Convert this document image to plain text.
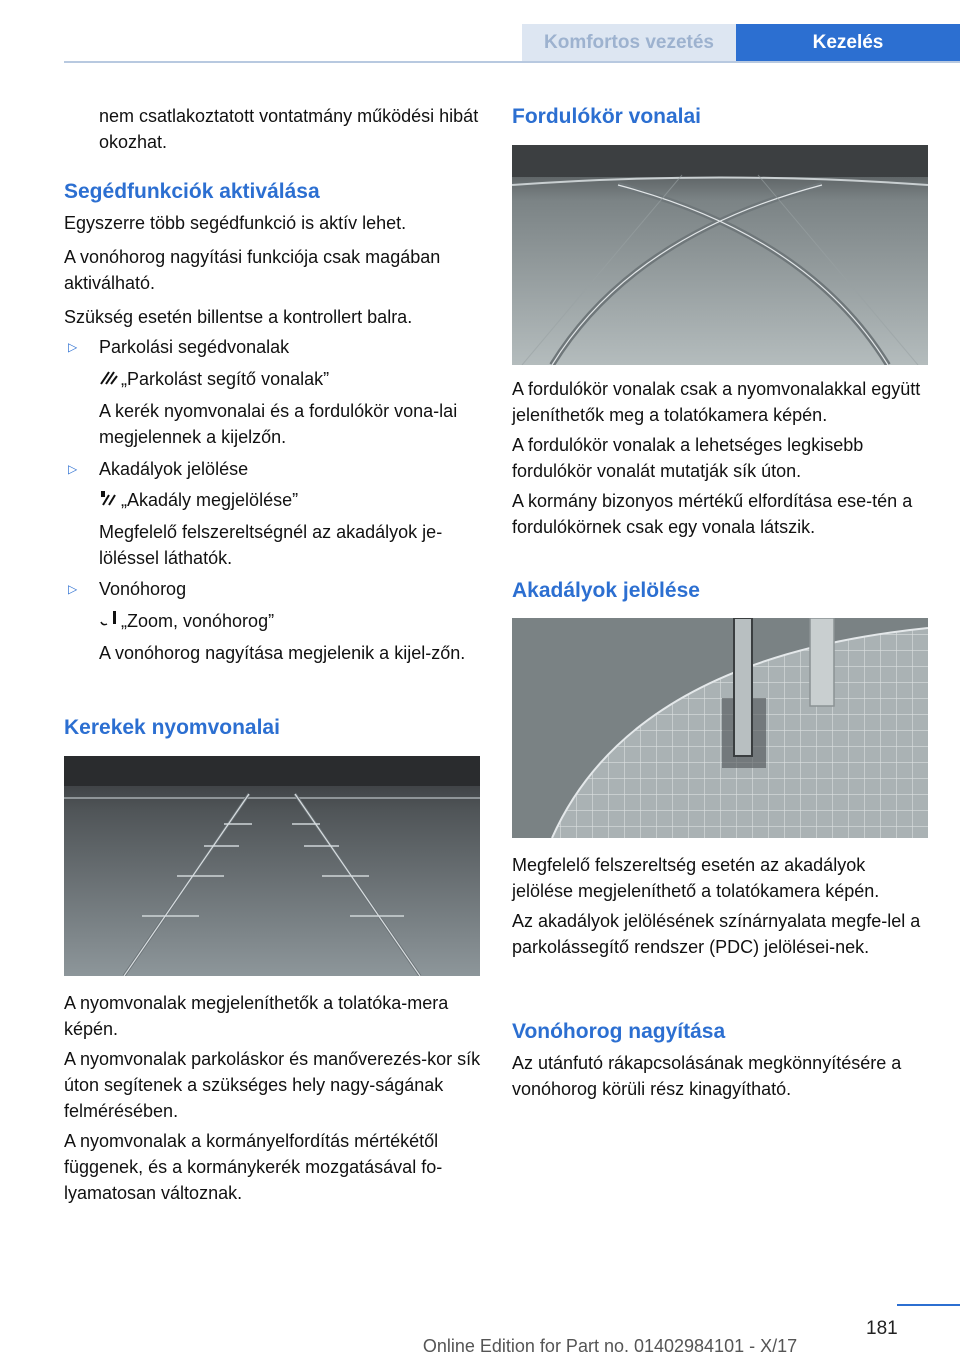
Komfortos vezetés	Kezelés

nem csatlakoztatott vontatmány működési hibát okozhat.

Segédfunkciók aktiválása

Egyszerre több segédfunkció is aktív lehet.

A vonóhorog nagyítási funkciója csak magában aktiválható.

Szükség esetén billentse a kontrollert balra.

▷ Parkolási segédvonalak

„Parkolást segítő vonalak”

A kerék nyomvonalai és a fordulókör vona-lai megjelennek a kijelzőn.

▷ Akadályok jelölése

„Akadály megjelölése”

Megfelelő felszereltségnél az akadályok je-löléssel láthatók.

▷ Vonóhorog

„Zoom, vonóhorog”

A vonóhorog nagyítása megjelenik a kijel-zőn.

Kerekek nyomvonalai

A nyomvonalak megjeleníthetők a tolatóka-mera képén.

A nyomvonalak parkoláskor és manőverezés-kor sík úton segítenek a szükséges hely nagy-ságának felmérésében.

A nyomvonalak a kormányelfordítás mértékétől függenek, és a kormánykerék mozgatásával fo-lyamatosan változnak.

Fordulókör vonalai

A fordulókör vonalak csak a nyomvonalakkal együtt jeleníthetők meg a tolatókamera képén.

A fordulókör vonalak a lehetséges legkisebb fordulókör vonalát mutatják sík úton.

A kormány bizonyos mértékű elfordítása ese-tén a fordulókörnek csak egy vonala látszik.

Akadályok jelölése

Megfelelő felszereltség esetén az akadályok jelölése megjeleníthető a tolatókamera képén.

Az akadályok jelölésének színárnyalata megfe-lel a parkolássegítő rendszer (PDC) jelölései-nek.

Vonóhorog nagyítása

Az utánfutó rákapcsolásának megkönnyítésére a vonóhorog körüli rész kinagyítható.

181
Online Edition for Part no. 01402984101 - X/17
